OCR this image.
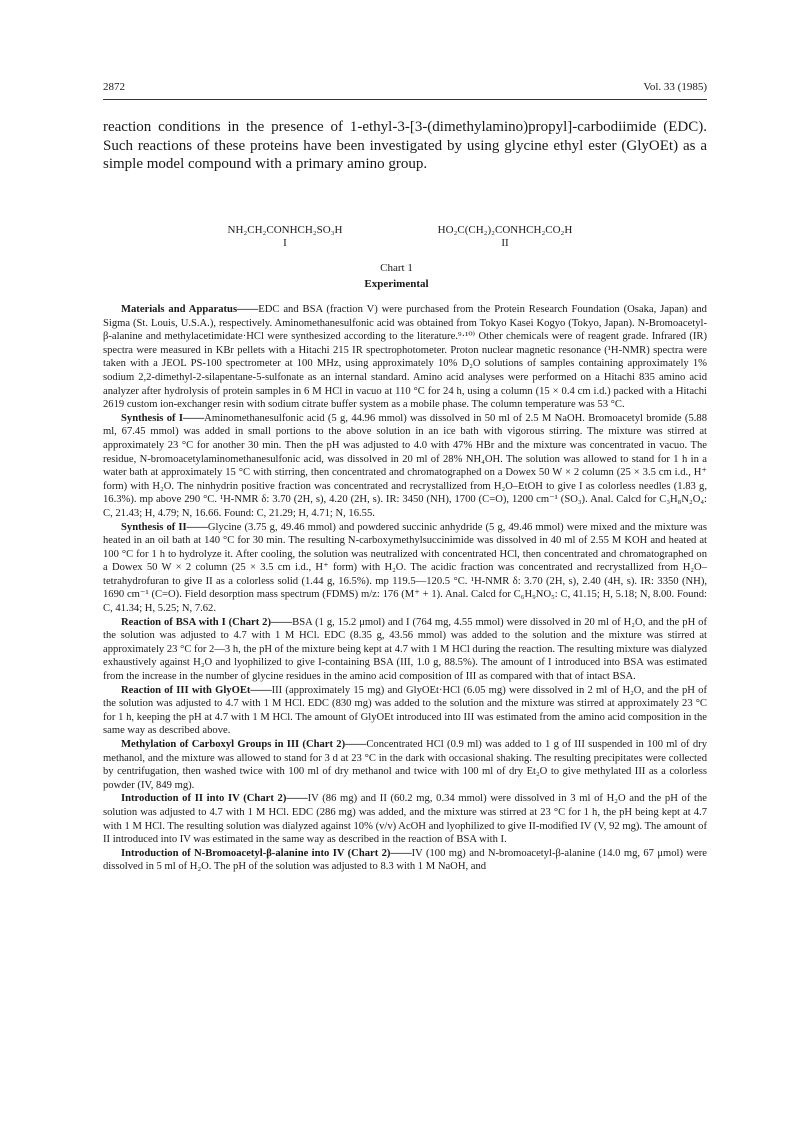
2872	Vol. 33 (1985)
reaction conditions in the presence of 1-ethyl-3-[3-(dimethylamino)propyl]-carbodiimide (EDC). Such reactions of these proteins have been investigated by using glycine ethyl ester (GlyOEt) as a simple model compound with a primary amino group.
NH₂CH₂CONHCH₂SO₃H
I
HO₂C(CH₂)₂CONHCH₂CO₂H
II
Chart 1
Experimental

Materials and Apparatus——EDC and BSA (fraction V) were purchased from the Protein Research Foundation (Osaka, Japan) and Sigma (St. Louis, U.S.A.), respectively. Aminomethanesulfonic acid was obtained from Tokyo Kasei Kogyo (Tokyo, Japan). N-Bromoacetyl-β-alanine and methylacetimidate·HCl were synthesized according to the literature.⁹·¹⁰⁾ Other chemicals were of reagent grade. Infrared (IR) spectra were measured in KBr pellets with a Hitachi 215 IR spectrophotometer. Proton nuclear magnetic resonance (¹H-NMR) spectra were taken with a JEOL PS-100 spectrometer at 100 MHz, using approximately 10% D₂O solutions of samples containing approximately 1% sodium 2,2-dimethyl-2-silapentane-5-sulfonate as an internal standard. Amino acid analyses were performed on a Hitachi 835 amino acid analyzer after hydrolysis of protein samples in 6 M HCl in vacuo at 110 °C for 24 h, using a column (15 × 0.4 cm i.d.) packed with a Hitachi 2619 custom ion-exchanger resin with sodium citrate buffer system as a mobile phase. The column temperature was 53 °C.

Synthesis of I——Aminomethanesulfonic acid (5 g, 44.96 mmol) was dissolved in 50 ml of 2.5 M NaOH. Bromoacetyl bromide (5.88 ml, 67.45 mmol) was added in small portions to the above solution in an ice bath with vigorous stirring. The mixture was stirred at approximately 23 °C for another 30 min. Then the pH was adjusted to 4.0 with 47% HBr and the mixture was concentrated in vacuo. The residue, N-bromoacetylaminomethanesulfonic acid, was dissolved in 20 ml of 28% NH₄OH. The solution was allowed to stand for 1 h in a water bath at approximately 15 °C with stirring, then concentrated and chromatographed on a Dowex 50 W × 2 column (25 × 3.5 cm i.d., H⁺ form) with H₂O. The ninhydrin positive fraction was concentrated and recrystallized from H₂O–EtOH to give I as colorless needles (1.83 g, 16.3%). mp above 290 °C. ¹H-NMR δ: 3.70 (2H, s), 4.20 (2H, s). IR: 3450 (NH), 1700 (C=O), 1200 cm⁻¹ (SO₃). Anal. Calcd for C₃H₈N₂O₄: C, 21.43; H, 4.79; N, 16.66. Found: C, 21.29; H, 4.71; N, 16.55.

Synthesis of II——Glycine (3.75 g, 49.46 mmol) and powdered succinic anhydride (5 g, 49.46 mmol) were mixed and the mixture was heated in an oil bath at 140 °C for 30 min. The resulting N-carboxymethylsuccinimide was dissolved in 40 ml of 2.55 M KOH and heated at 100 °C for 1 h to hydrolyze it. After cooling, the solution was neutralized with concentrated HCl, then concentrated and chromatographed on a Dowex 50 W × 2 column (25 × 3.5 cm i.d., H⁺ form) with H₂O. The acidic fraction was concentrated and recrystallized from H₂O–tetrahydrofuran to give II as a colorless solid (1.44 g, 16.5%). mp 119.5—120.5 °C. ¹H-NMR δ: 3.70 (2H, s), 2.40 (4H, s). IR: 3350 (NH), 1690 cm⁻¹ (C=O). Field desorption mass spectrum (FDMS) m/z: 176 (M⁺ + 1). Anal. Calcd for C₆H₉NO₅: C, 41.15; H, 5.18; N, 8.00. Found: C, 41.34; H, 5.25; N, 7.62.

Reaction of BSA with I (Chart 2)——BSA (1 g, 15.2 μmol) and I (764 mg, 4.55 mmol) were dissolved in 20 ml of H₂O, and the pH of the solution was adjusted to 4.7 with 1 M HCl. EDC (8.35 g, 43.56 mmol) was added to the solution and the mixture was stirred at approximately 23 °C for 2—3 h, the pH of the mixture being kept at 4.7 with 1 M HCl during the reaction. The resulting mixture was dialyzed exhaustively against H₂O and lyophilized to give I-containing BSA (III, 1.0 g, 88.5%). The amount of I introduced into BSA was estimated from the increase in the number of glycine residues in the amino acid composition of III as compared with that of intact BSA.

Reaction of III with GlyOEt——III (approximately 15 mg) and GlyOEt·HCl (6.05 mg) were dissolved in 2 ml of H₂O, and the pH of the solution was adjusted to 4.7 with 1 M HCl. EDC (830 mg) was added to the solution and the mixture was stirred at approximately 23 °C for 1 h, keeping the pH at 4.7 with 1 M HCl. The amount of GlyOEt introduced into III was estimated from the amino acid composition in the same way as described above.

Methylation of Carboxyl Groups in III (Chart 2)——Concentrated HCl (0.9 ml) was added to 1 g of III suspended in 100 ml of dry methanol, and the mixture was allowed to stand for 3 d at 23 °C in the dark with occasional shaking. The resulting precipitates were collected by centrifugation, then washed twice with 100 ml of dry methanol and twice with 100 ml of dry Et₂O to give methylated III as a colorless powder (IV, 849 mg).

Introduction of II into IV (Chart 2)——IV (86 mg) and II (60.2 mg, 0.34 mmol) were dissolved in 3 ml of H₂O and the pH of the solution was adjusted to 4.7 with 1 M HCl. EDC (286 mg) was added, and the mixture was stirred at 23 °C for 1 h, the pH being kept at 4.7 with 1 M HCl. The resulting solution was dialyzed against 10% (v/v) AcOH and lyophilized to give II-modified IV (V, 92 mg). The amount of II introduced into IV was estimated in the same way as described in the reaction of BSA with I.

Introduction of N-Bromoacetyl-β-alanine into IV (Chart 2)——IV (100 mg) and N-bromoacetyl-β-alanine (14.0 mg, 67 μmol) were dissolved in 5 ml of H₂O. The pH of the solution was adjusted to 8.3 with 1 M NaOH, and
